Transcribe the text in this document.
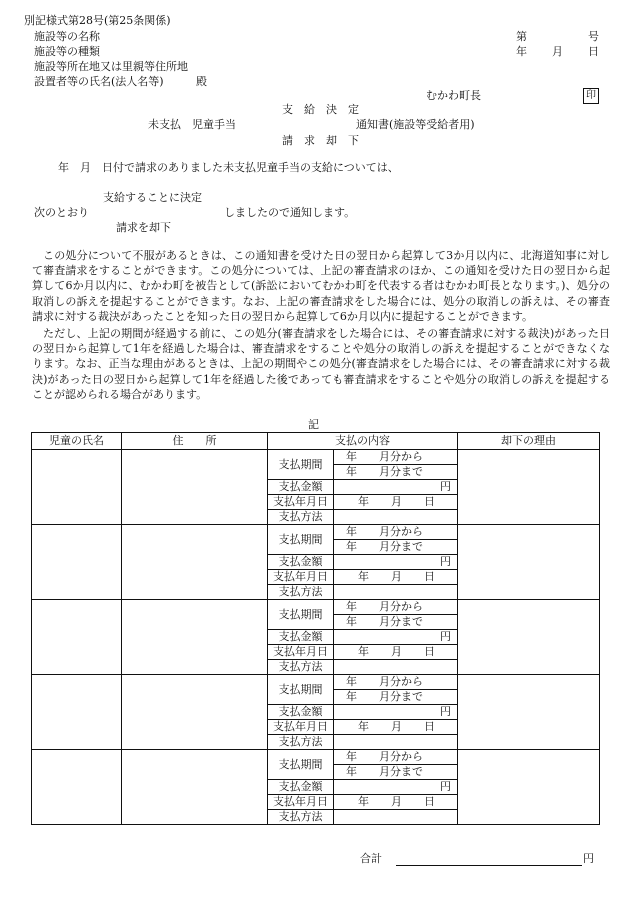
別記様式第28号(第25条関係)
施設等の名称
施設等の種類
施設等所在地又は里親等住所地
設置者等の氏名(法人名等)	殿
第	号
年 月 日
むかわ町長	印
支　給　決　定
未支払　児童手当	通知書(施設等受給者用)
請　求　却　下
年　月　日付で請求のありました未支払児童手当の支給については、
支給することに決定
次のとおり	しましたので通知します。
請求を却下
この処分について不服があるときは、この通知書を受けた日の翌日から起算して3か月以内に、北海道知事に対して審査請求をすることができます。この処分については、上記の審査請求のほか、この通知を受けた日の翌日から起算して6か月以内に、むかわ町を被告として(訴訟においてむかわ町を代表する者はむかわ町長となります。)、処分の取消しの訴えを提起することができます。なお、上記の審査請求をした場合には、処分の取消しの訴えは、その審査請求に対する裁決があったことを知った日の翌日から起算して6か月以内に提起することができます。
ただし、上記の期間が経過する前に、この処分(審査請求をした場合には、その審査請求に対する裁決)があった日の翌日から起算して1年を経過した場合は、審査請求をすることや処分の取消しの訴えを提起することができなくなります。なお、正当な理由があるときは、上記の期間やこの処分(審査請求をした場合には、その審査請求に対する裁決)があった日の翌日から起算して1年を経過した後であっても審査請求をすることや処分の取消しの訴えを提起することが認められる場合があります。
記
児童の氏名	住　　所	支払の内容		却下の理由
		支払期間	年　　月分から	
			年　　月分まで	
		支払金額	円	
		支払年月日	年　　月　　日	
		支払方法		
		支払期間	年　　月分から	
			年　　月分まで	
		支払金額	円	
		支払年月日	年　　月　　日	
		支払方法		
		支払期間	年　　月分から	
			年　　月分まで	
		支払金額	円	
		支払年月日	年　　月　　日	
		支払方法		
		支払期間	年　　月分から	
			年　　月分まで	
		支払金額	円	
		支払年月日	年　　月　　日	
		支払方法		
		支払期間	年　　月分から	
			年　　月分まで	
		支払金額	円	
		支払年月日	年　　月　　日	
		支払方法		
合計	円
